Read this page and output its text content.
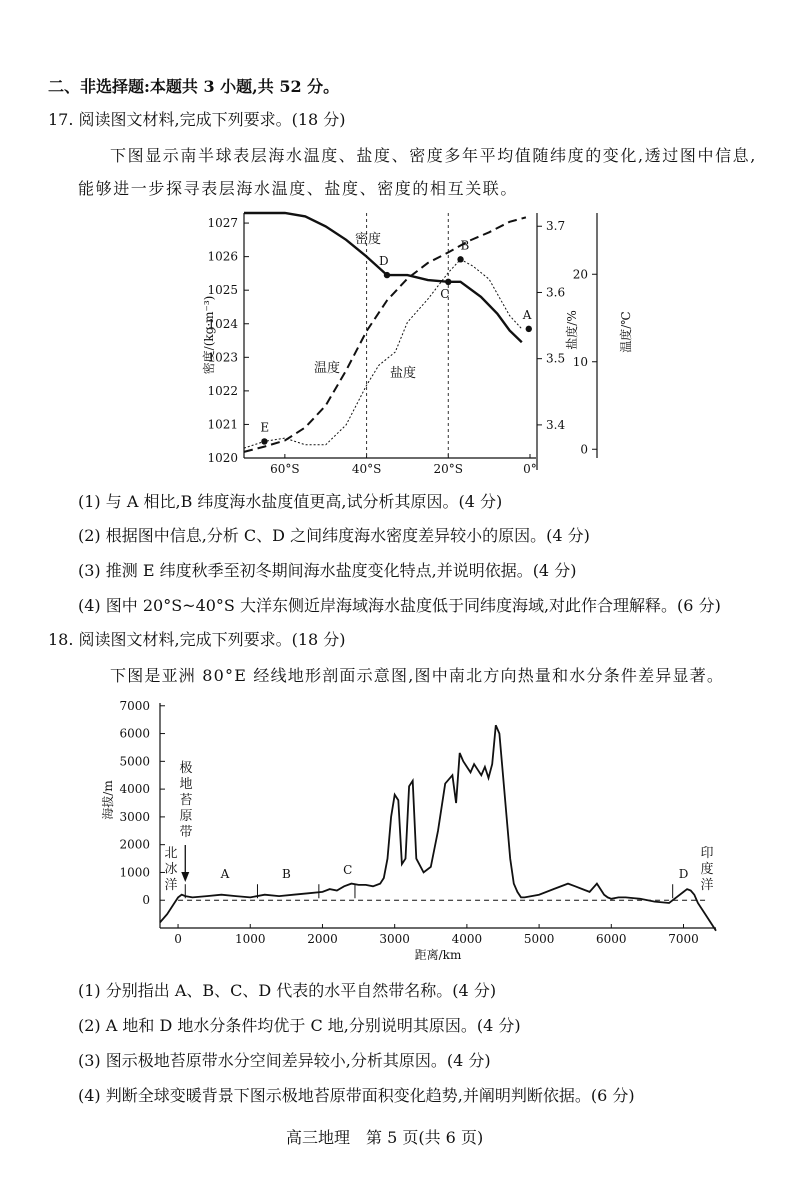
二、非选择题:本题共 3 小题,共 52 分。
17. 阅读图文材料,完成下列要求。(18 分)
下图显示南半球表层海水温度、盐度、密度多年平均值随纬度的变化,透过图中信息,
能够进一步探寻表层海水温度、盐度、密度的相互关联。
1027
1026
1025
1024
1023
1022
1021
1020
3.7
3.6
3.5
3.4
20
10
0
60°S	40°S	20°S	0°
密度/(kg·m⁻³)	盐度/%	温度/℃
密度
温度	盐度
A
B
C
D
E
0
1000
2000
3000
4000
5000
6000
7000
0	1000	2000	3000	4000	5000	6000	7000
海拔/m
距离/km
A	B	C	D
极地苔原带
北冰洋
印度洋
(1) 与 A 相比,B 纬度海水盐度值更高,试分析其原因。(4 分)
(2) 根据图中信息,分析 C、D 之间纬度海水密度差异较小的原因。(4 分)
(3) 推测 E 纬度秋季至初冬期间海水盐度变化特点,并说明依据。(4 分)
(4) 图中 20°S~40°S 大洋东侧近岸海域海水盐度低于同纬度海域,对此作合理解释。(6 分)
18. 阅读图文材料,完成下列要求。(18 分)
下图是亚洲 80°E 经线地形剖面示意图,图中南北方向热量和水分条件差异显著。
(1) 分别指出 A、B、C、D 代表的水平自然带名称。(4 分)
(2) A 地和 D 地水分条件均优于 C 地,分别说明其原因。(4 分)
(3) 图示极地苔原带水分空间差异较小,分析其原因。(4 分)
(4) 判断全球变暖背景下图示极地苔原带面积变化趋势,并阐明判断依据。(6 分)
高三地理　第 5 页(共 6 页)
